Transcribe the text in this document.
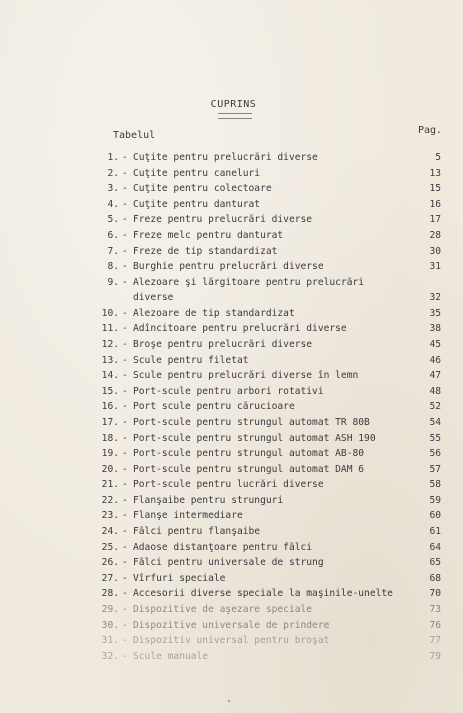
CUPRINS
Tabelul	Pag.
1. - Cuţite pentru prelucrări diverse	5
2. - Cuţite pentru caneluri	13
3. - Cuţite pentru colectoare	15
4. - Cuţite pentru danturat	16
5. - Freze pentru prelucrări diverse	17
6. - Freze melc pentru danturat	28
7. - Freze de tip standardizat	30
8. - Burghie pentru prelucrări diverse	31
9. - Alezoare şi lărgitoare pentru prelucrări diverse	32
10. - Alezoare de tip standardizat	35
11. - Adîncitoare pentru prelucrări diverse	38
12. - Broşe pentru prelucrări diverse	45
13. - Scule pentru filetat	46
14. - Scule pentru prelucrări diverse în lemn	47
15. - Port-scule pentru arbori rotativi	48
16. - Port scule pentru cărucioare	52
17. - Port-scule pentru strungul automat TR 80B	54
18. - Port-scule pentru strungul automat ASH 190	55
19. - Port-scule pentru strungul automat AB-80	56
20. - Port-scule pentru strungul automat DAM 6	57
21. - Port-scule pentru lucrări diverse	58
22. - Flanşaibe pentru strunguri	59
23. - Flanşe intermediare	60
24. - Fălci pentru flanşaibe	61
25. - Adaose distanţoare pentru fălci	64
26. - Fălci pentru universale de strung	65
27. - Vîrfuri speciale	68
28. - Accesorii diverse speciale la maşinile-unelte	70
29. - Dispozitive de aşezare speciale	73
30. - Dispozitive universale de prindere	76
31. - Dispozitiv universal pentru broşat	77
32. - Scule manuale	79
